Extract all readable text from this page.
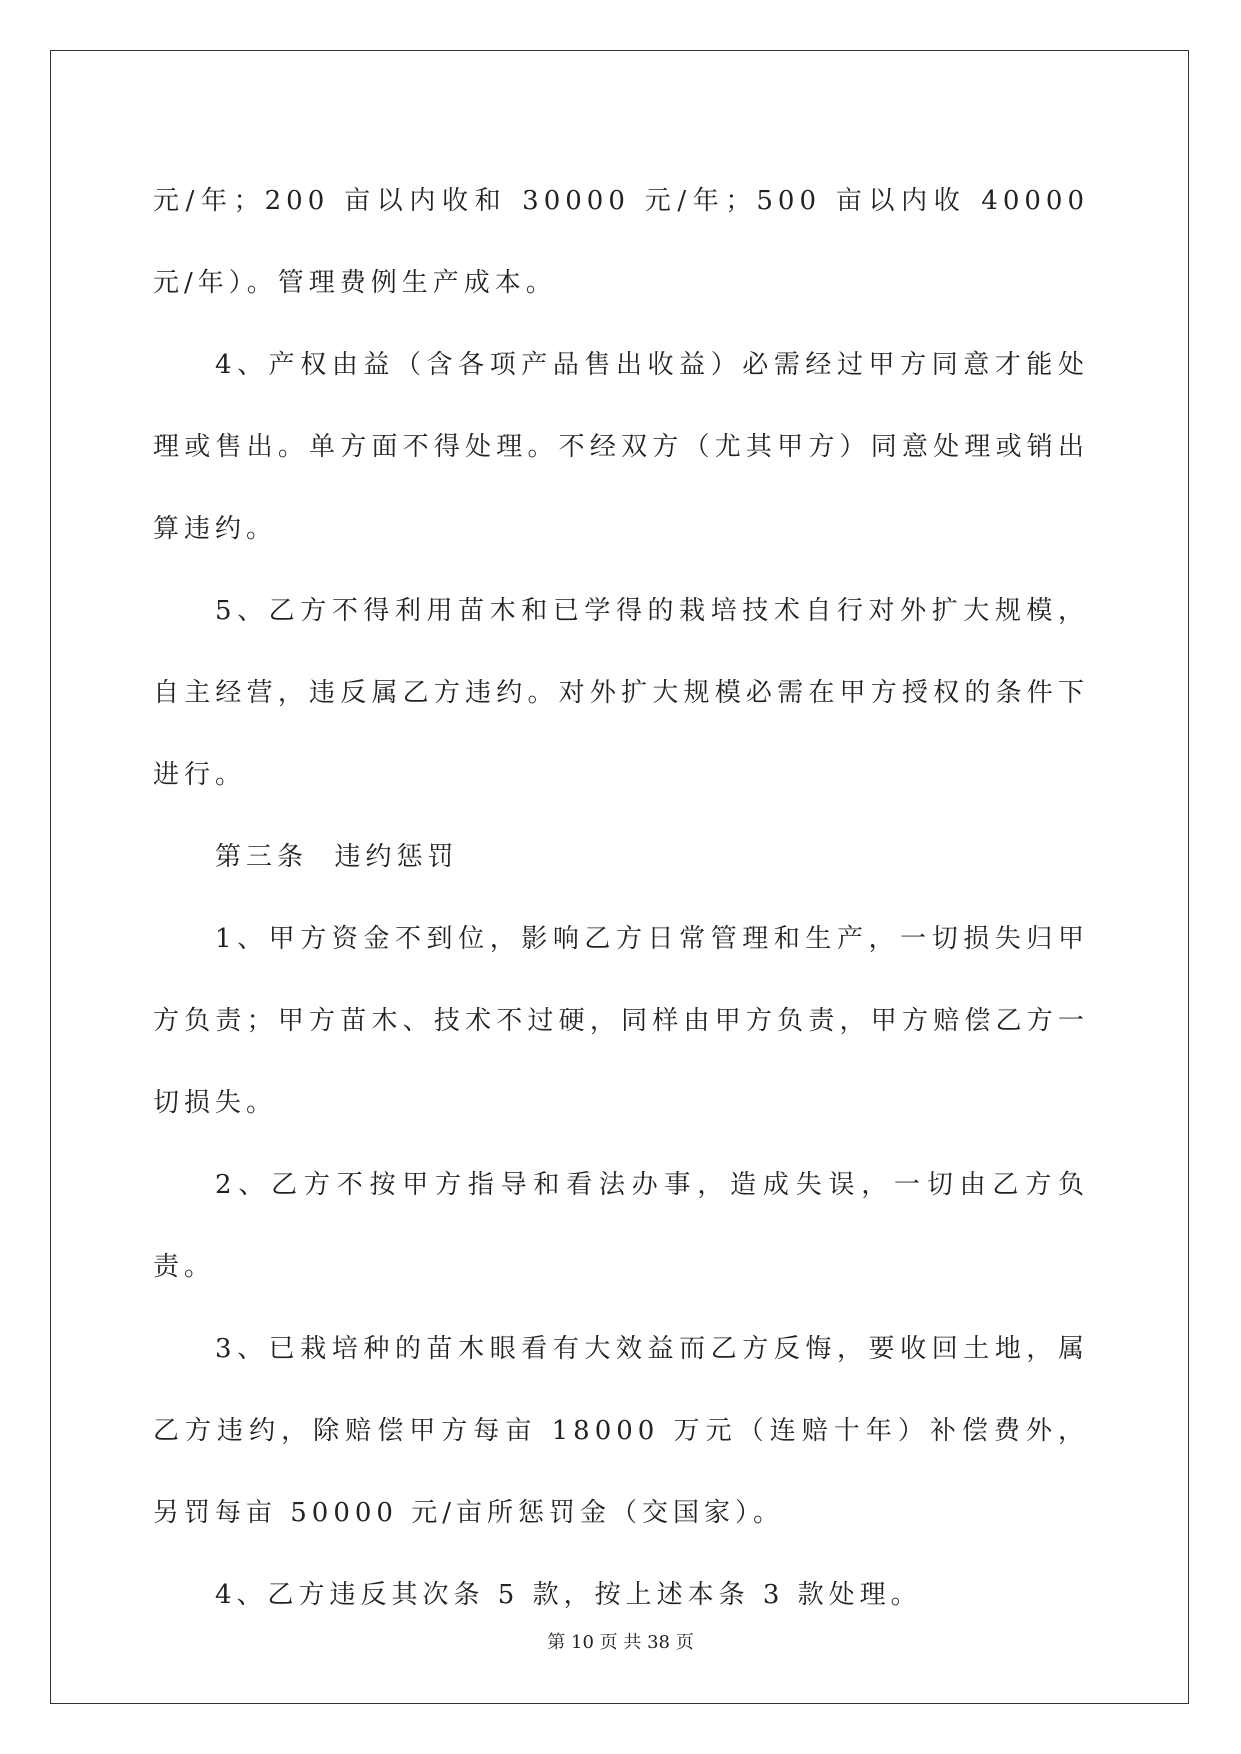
元/年；200 亩以内收和 30000 元/年；500 亩以内收 40000 元/年）。管理费例生产成本。

4、产权由益（含各项产品售出收益）必需经过甲方同意才能处理或售出。单方面不得处理。不经双方（尤其甲方）同意处理或销出算违约。

5、乙方不得利用苗木和已学得的栽培技术自行对外扩大规模，自主经营，违反属乙方违约。对外扩大规模必需在甲方授权的条件下进行。

第三条  违约惩罚

1、甲方资金不到位，影响乙方日常管理和生产，一切损失归甲方负责；甲方苗木、技术不过硬，同样由甲方负责，甲方赔偿乙方一切损失。

2、乙方不按甲方指导和看法办事，造成失误，一切由乙方负责。

3、已栽培种的苗木眼看有大效益而乙方反悔，要收回土地，属乙方违约，除赔偿甲方每亩 18000 万元（连赔十年）补偿费外，另罚每亩 50000 元/亩所惩罚金（交国家）。

4、乙方违反其次条 5 款，按上述本条 3 款处理。

第 10 页 共 38 页
